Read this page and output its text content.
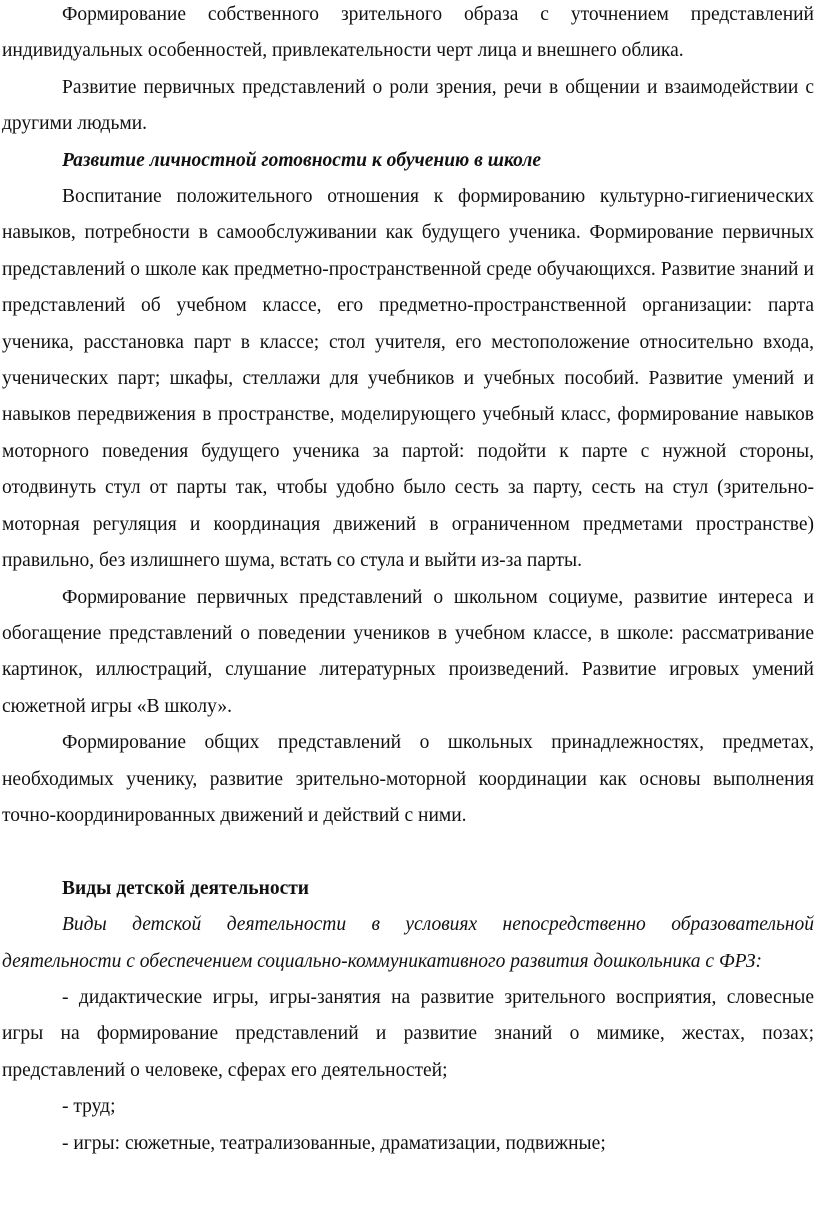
Формирование собственного зрительного образа с уточнением представлений индивидуальных особенностей, привлекательности черт лица и внешнего облика.

Развитие первичных представлений о роли зрения, речи в общении и взаимодействии с другими людьми.

Развитие личностной готовности к обучению в школе

Воспитание положительного отношения к формированию культурно-гигиенических навыков, потребности в самообслуживании как будущего ученика. Формирование первичных представлений о школе как предметно-пространственной среде обучающихся. Развитие знаний и представлений об учебном классе, его предметно-пространственной организации: парта ученика, расстановка парт в классе; стол учителя, его местоположение относительно входа, ученических парт; шкафы, стеллажи для учебников и учебных пособий. Развитие умений и навыков передвижения в пространстве, моделирующего учебный класс, формирование навыков моторного поведения будущего ученика за партой: подойти к парте с нужной стороны, отодвинуть стул от парты так, чтобы удобно было сесть за парту, сесть на стул (зрительно-моторная регуляция и координация движений в ограниченном предметами пространстве) правильно, без излишнего шума, встать со стула и выйти из-за парты.

Формирование первичных представлений о школьном социуме, развитие интереса и обогащение представлений о поведении учеников в учебном классе, в школе: рассматривание картинок, иллюстраций, слушание литературных произведений. Развитие игровых умений сюжетной игры «В школу».

Формирование общих представлений о школьных принадлежностях, предметах, необходимых ученику, развитие зрительно-моторной координации как основы выполнения точно-координированных движений и действий с ними.

Виды детской деятельности

Виды детской деятельности в условиях непосредственно образовательной деятельности с обеспечением социально-коммуникативного развития дошкольника с ФРЗ:

- дидактические игры, игры-занятия на развитие зрительного восприятия, словесные игры на формирование представлений и развитие знаний о мимике, жестах, позах; представлений о человеке, сферах его деятельностей;

- труд;

- игры: сюжетные, театрализованные, драматизации, подвижные;
